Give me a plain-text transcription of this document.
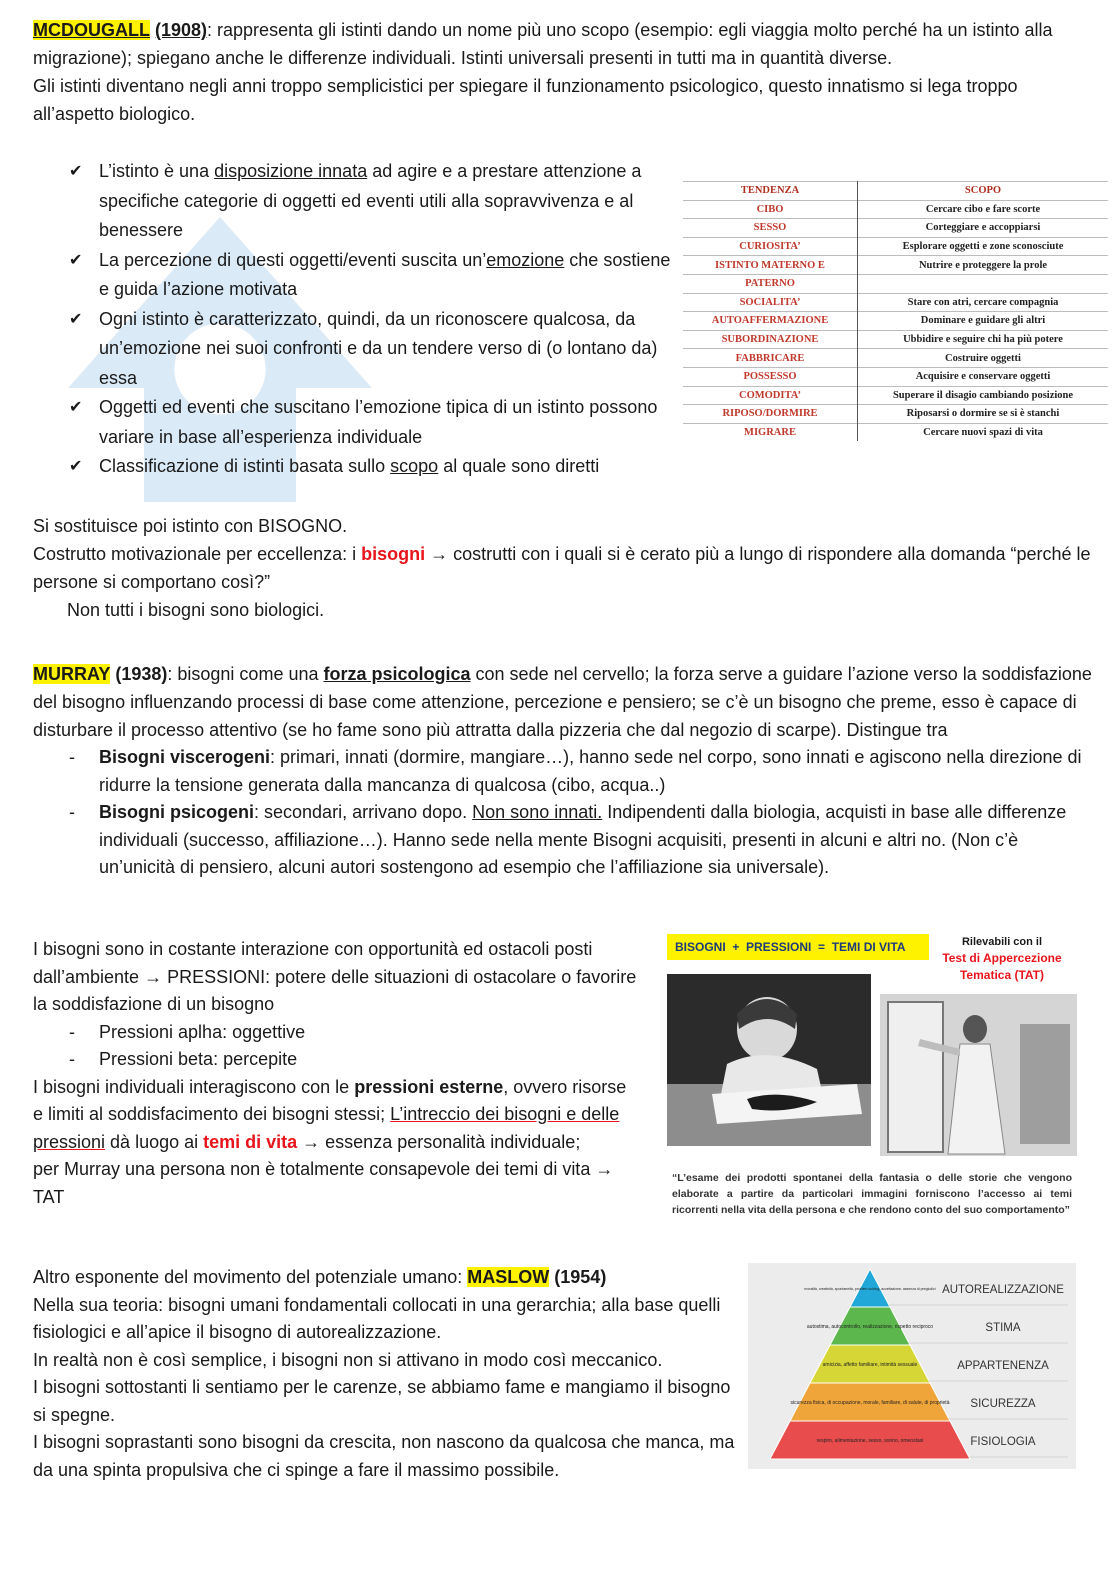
MCDOUGALL (1908): rappresenta gli istinti dando un nome più uno scopo (esempio: egli viaggia molto perché ha un istinto alla migrazione); spiegano anche le differenze individuali. Istinti universali presenti in tutti ma in quantità diverse.

Gli istinti diventano negli anni troppo semplicistici per spiegare il funzionamento psicologico, questo innatismo si lega troppo all’aspetto biologico.

✔ L’istinto è una disposizione innata ad agire e a prestare attenzione a specifiche categorie di oggetti ed eventi utili alla sopravvivenza e al benessere
✔ La percezione di questi oggetti/eventi suscita un’emozione che sostiene e guida l’azione motivata
✔ Ogni istinto è caratterizzato, quindi, da un riconoscere qualcosa, da un’emozione nei suoi confronti e da un tendere verso di (o lontano da) essa
✔ Oggetti ed eventi che suscitano l’emozione tipica di un istinto possono variare in base all’esperienza individuale
✔ Classificazione di istinti basata sullo scopo al quale sono diretti
TENDENZA	SCOPO
CIBO	Cercare cibo e fare scorte
SESSO	Corteggiare e accoppiarsi
CURIOSITA’	Esplorare oggetti e zone sconosciute
ISTINTO MATERNO E	Nutrire e proteggere la prole
PATERNO	
SOCIALITA’	Stare con atri, cercare compagnia
AUTOAFFERMAZIONE	Dominare e guidare gli altri
SUBORDINAZIONE	Ubbidire e seguire chi ha più potere
FABBRICARE	Costruire oggetti
POSSESSO	Acquisire e conservare oggetti
COMODITA’	Superare il disagio cambiando posizione
RIPOSO/DORMIRE	Riposarsi o dormire se si è stanchi
MIGRARE	Cercare nuovi spazi di vita

Si sostituisce poi istinto con BISOGNO.

Costrutto motivazionale per eccellenza: i bisogni → costrutti con i quali si è cerato più a lungo di rispondere alla domanda “perché le persone si comportano così?”

Non tutti i bisogni sono biologici.

MURRAY (1938): bisogni come una forza psicologica con sede nel cervello; la forza serve a guidare l’azione verso la soddisfazione del bisogno influenzando processi di base come attenzione, percezione e pensiero; se c’è un bisogno che preme, esso è capace di disturbare il processo attentivo (se ho fame sono più attratta dalla pizzeria che dal negozio di scarpe). Distingue tra

- Bisogni viscerogeni: primari, innati (dormire, mangiare…), hanno sede nel corpo, sono innati e agiscono nella direzione di ridurre la tensione generata dalla mancanza di qualcosa (cibo, acqua..)
- Bisogni psicogeni: secondari, arrivano dopo. Non sono innati. Indipendenti dalla biologia, acquisti in base alle differenze individuali (successo, affiliazione…). Hanno sede nella mente Bisogni acquisiti, presenti in alcuni e altri no. (Non c’è un’unicità di pensiero, alcuni autori sostengono ad esempio che l’affiliazione sia universale).

I bisogni sono in costante interazione con opportunità ed ostacoli posti dall’ambiente → PRESSIONI: potere delle situazioni di ostacolare o favorire la soddisfazione di un bisogno

- Pressioni aplha: oggettive
- Pressioni beta: percepite

I bisogni individuali interagiscono con le pressioni esterne, ovvero risorse e limiti al soddisfacimento dei bisogni stessi; L’intreccio dei bisogni e delle pressioni dà luogo ai temi di vita → essenza personalità individuale;

per Murray una persona non è totalmente consapevole dei temi di vita → TAT

BISOGNI  +  PRESSIONI  =  TEMI DI VITA	Rilevabili con il
Test di Appercezione Tematica (TAT)
“L’esame dei prodotti spontanei della fantasia o delle storie che vengono elaborate a partire da particolari immagini forniscono l’accesso ai temi ricorrenti nella vita della persona e che rendono conto del suo comportamento”

Altro esponente del movimento del potenziale umano: MASLOW (1954)

Nella sua teoria: bisogni umani fondamentali collocati in una gerarchia; alla base quelli fisiologici e all’apice il bisogno di autorealizzazione.

In realtà non è così semplice, i bisogni non si attivano in modo così meccanico.

I bisogni sottostanti li sentiamo per le carenze, se abbiamo fame e mangiamo il bisogno si spegne.

I bisogni soprastanti sono bisogni da crescita, non nascono da qualcosa che manca, ma da una spinta propulsiva che ci spinge a fare il massimo possibile.

moralità, creatività, spontaneità, problem solving, accettazione, assenza di pregiudizi AUTOREALIZZAZIONE
autostima, autocontrollo, realizzazione, rispetto reciproco	STIMA
amicizia, affetto familiare, intimità sessuale	APPARTENENZA
sicurezza fisica, di occupazione, morale, familiare, di salute, di proprietà SICUREZZA
respiro, alimentazione, sesso, sonno, omeostasi	FISIOLOGIA
